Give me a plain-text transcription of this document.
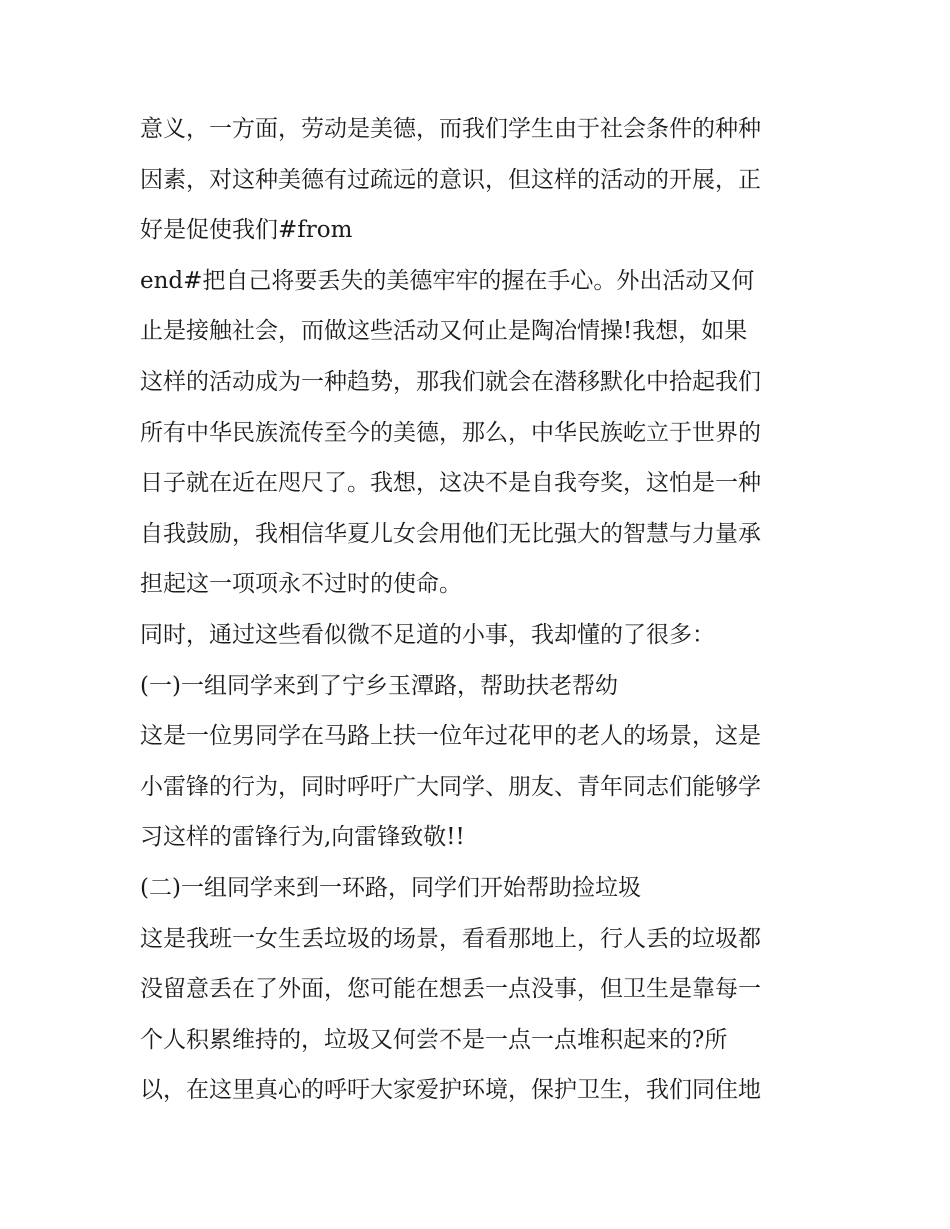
意义，一方面，劳动是美德，而我们学生由于社会条件的种种
因素，对这种美德有过疏远的意识，但这样的活动的开展，正
好是促使我们#from
end#把自己将要丢失的美德牢牢的握在手心。外出活动又何
止是接触社会，而做这些活动又何止是陶冶情操!我想，如果
这样的活动成为一种趋势，那我们就会在潜移默化中拾起我们
所有中华民族流传至今的美德，那么，中华民族屹立于世界的
日子就在近在咫尺了。我想，这决不是自我夸奖，这怕是一种
自我鼓励，我相信华夏儿女会用他们无比强大的智慧与力量承
担起这一项项永不过时的使命。
同时，通过这些看似微不足道的小事，我却懂的了很多：
(一)一组同学来到了宁乡玉潭路，帮助扶老帮幼
这是一位男同学在马路上扶一位年过花甲的老人的场景，这是
小雷锋的行为，同时呼吁广大同学、朋友、青年同志们能够学
习这样的雷锋行为,向雷锋致敬!!
(二)一组同学来到一环路，同学们开始帮助捡垃圾
这是我班一女生丢垃圾的场景，看看那地上，行人丢的垃圾都
没留意丢在了外面，您可能在想丢一点没事，但卫生是靠每一
个人积累维持的，垃圾又何尝不是一点一点堆积起来的?所
以，在这里真心的呼吁大家爱护环境，保护卫生，我们同住地
